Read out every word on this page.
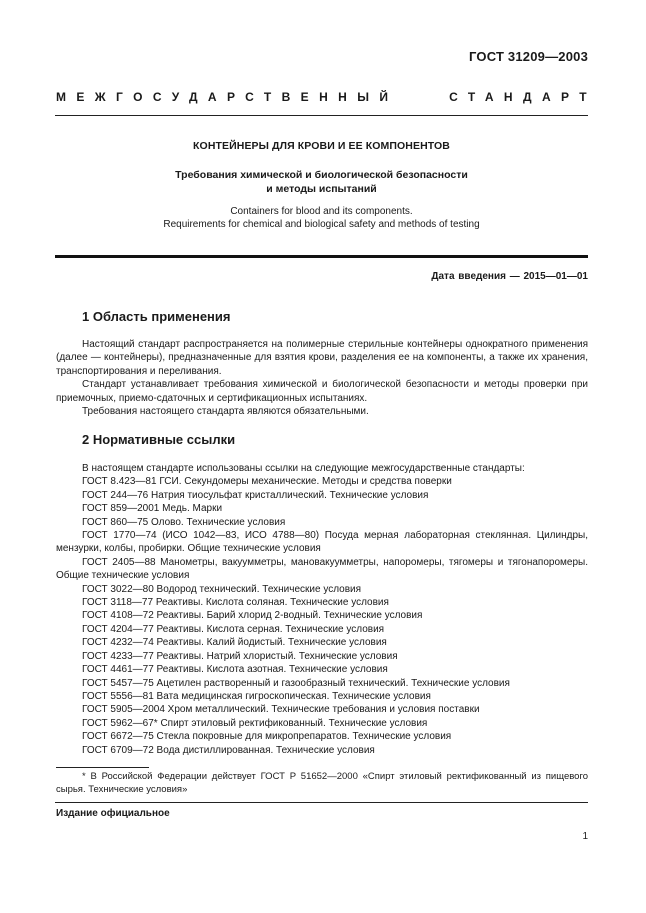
ГОСТ 31209—2003
МЕЖГОСУДАРСТВЕННЫЙ	СТАНДАРТ
КОНТЕЙНЕРЫ ДЛЯ КРОВИ И ЕЕ КОМПОНЕНТОВ
Требования химической и биологической безопасности
и методы испытаний
Containers for blood and its components.
Requirements for chemical and biological safety and methods of testing
Дата введения — 2015—01—01
1 Область применения

Настоящий стандарт распространяется на полимерные стерильные контейнеры однократного применения (далее — контейнеры), предназначенные для взятия крови, разделения ее на компоненты, а также их хранения, транспортирования и переливания.

Стандарт устанавливает требования химической и биологической безопасности и методы проверки при приемочных, приемо-сдаточных и сертификационных испытаниях.

Требования настоящего стандарта являются обязательными.

2 Нормативные ссылки

В настоящем стандарте использованы ссылки на следующие межгосударственные стандарты:

ГОСТ 8.423—81 ГСИ. Секундомеры механические. Методы и средства поверки

ГОСТ 244—76 Натрия тиосульфат кристаллический. Технические условия

ГОСТ 859—2001 Медь. Марки

ГОСТ 860—75 Олово. Технические условия

ГОСТ 1770—74 (ИСО 1042—83, ИСО 4788—80) Посуда мерная лабораторная стеклянная. Цилиндры, мензурки, колбы, пробирки. Общие технические условия

ГОСТ 2405—88 Манометры, вакуумметры, мановакуумметры, напоромеры, тягомеры и тягонапоромеры. Общие технические условия

ГОСТ 3022—80 Водород технический. Технические условия

ГОСТ 3118—77 Реактивы. Кислота соляная. Технические условия

ГОСТ 4108—72 Реактивы. Барий хлорид 2-водный. Технические условия

ГОСТ 4204—77 Реактивы. Кислота серная. Технические условия

ГОСТ 4232—74 Реактивы. Калий йодистый. Технические условия

ГОСТ 4233—77 Реактивы. Натрий хлористый. Технические условия

ГОСТ 4461—77 Реактивы. Кислота азотная. Технические условия

ГОСТ 5457—75 Ацетилен растворенный и газообразный технический. Технические условия

ГОСТ 5556—81 Вата медицинская гигроскопическая. Технические условия

ГОСТ 5905—2004 Хром металлический. Технические требования и условия поставки

ГОСТ 5962—67* Спирт этиловый ректификованный. Технические условия

ГОСТ 6672—75 Стекла покровные для микропрепаратов. Технические условия

ГОСТ 6709—72 Вода дистиллированная. Технические условия

* В Российской Федерации действует ГОСТ Р 51652—2000 «Спирт этиловый ректификованный из пищевого сырья. Технические условия»

Издание официальное
1
